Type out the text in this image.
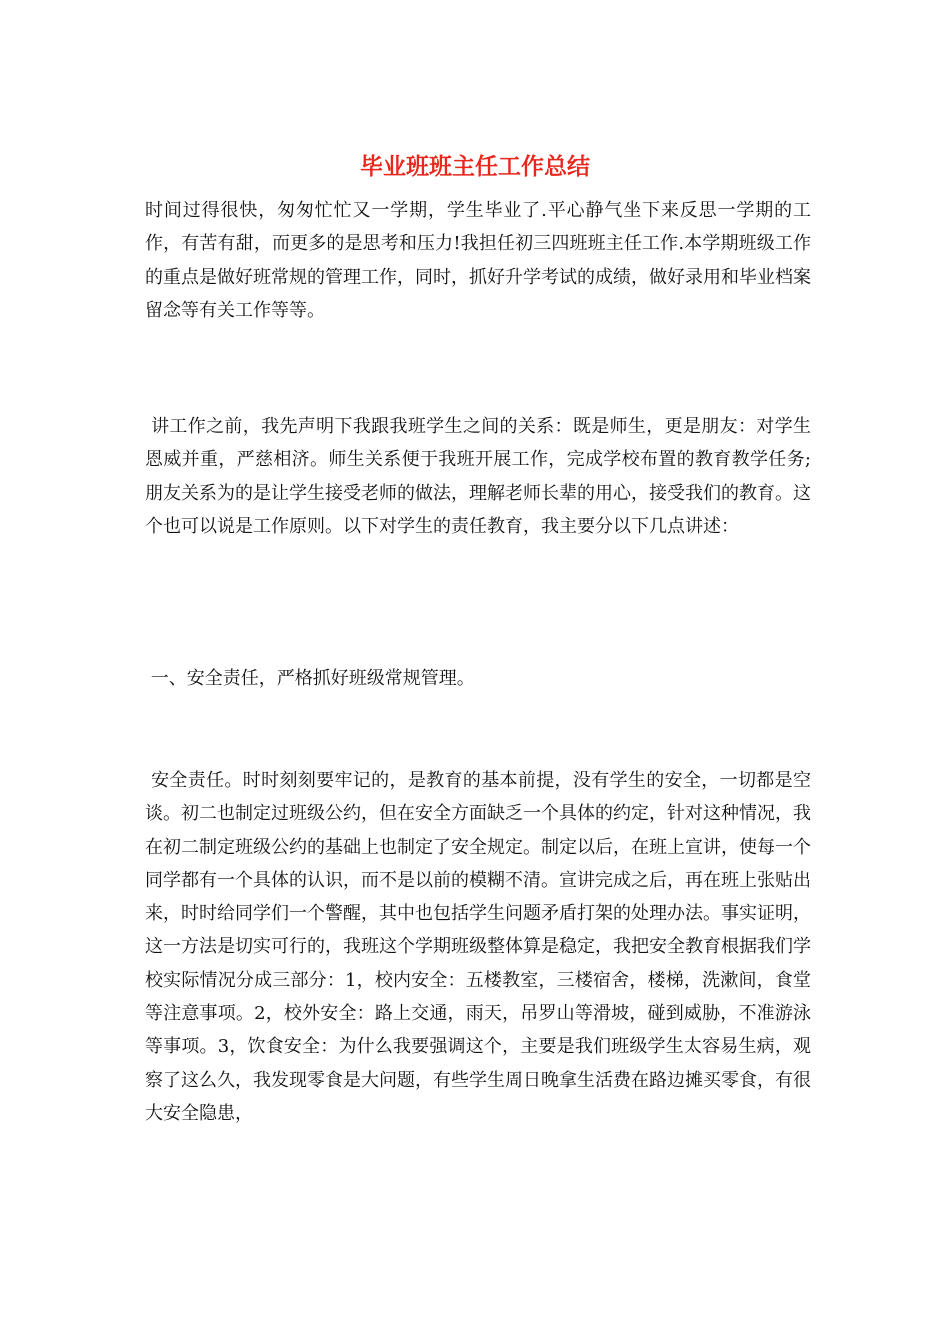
毕业班班主任工作总结

时间过得很快，匆匆忙忙又一学期，学生毕业了.平心静气坐下来反思一学期的工作，有苦有甜，而更多的是思考和压力!我担任初三四班班主任工作.本学期班级工作的重点是做好班常规的管理工作，同时，抓好升学考试的成绩，做好录用和毕业档案留念等有关工作等等。

讲工作之前，我先声明下我跟我班学生之间的关系：既是师生，更是朋友：对学生恩威并重，严慈相济。师生关系便于我班开展工作，完成学校布置的教育教学任务;朋友关系为的是让学生接受老师的做法，理解老师长辈的用心，接受我们的教育。这个也可以说是工作原则。以下对学生的责任教育，我主要分以下几点讲述：

一、安全责任，严格抓好班级常规管理。

安全责任。时时刻刻要牢记的，是教育的基本前提，没有学生的安全，一切都是空谈。初二也制定过班级公约，但在安全方面缺乏一个具体的约定，针对这种情况，我在初二制定班级公约的基础上也制定了安全规定。制定以后，在班上宣讲，使每一个同学都有一个具体的认识，而不是以前的模糊不清。宣讲完成之后，再在班上张贴出来，时时给同学们一个警醒，其中也包括学生问题矛盾打架的处理办法。事实证明，这一方法是切实可行的，我班这个学期班级整体算是稳定，我把安全教育根据我们学校实际情况分成三部分：1，校内安全：五楼教室，三楼宿舍，楼梯，洗漱间，食堂 等注意事项。2，校外安全：路上交通，雨天，吊罗山等滑坡，碰到威胁，不准游泳 等事项。3，饮食安全：为什么我要强调这个，主要是我们班级学生太容易生病，观察了这么久，我发现零食是大问题，有些学生周日晚拿生活费在路边摊买零食，有很大安全隐患，
